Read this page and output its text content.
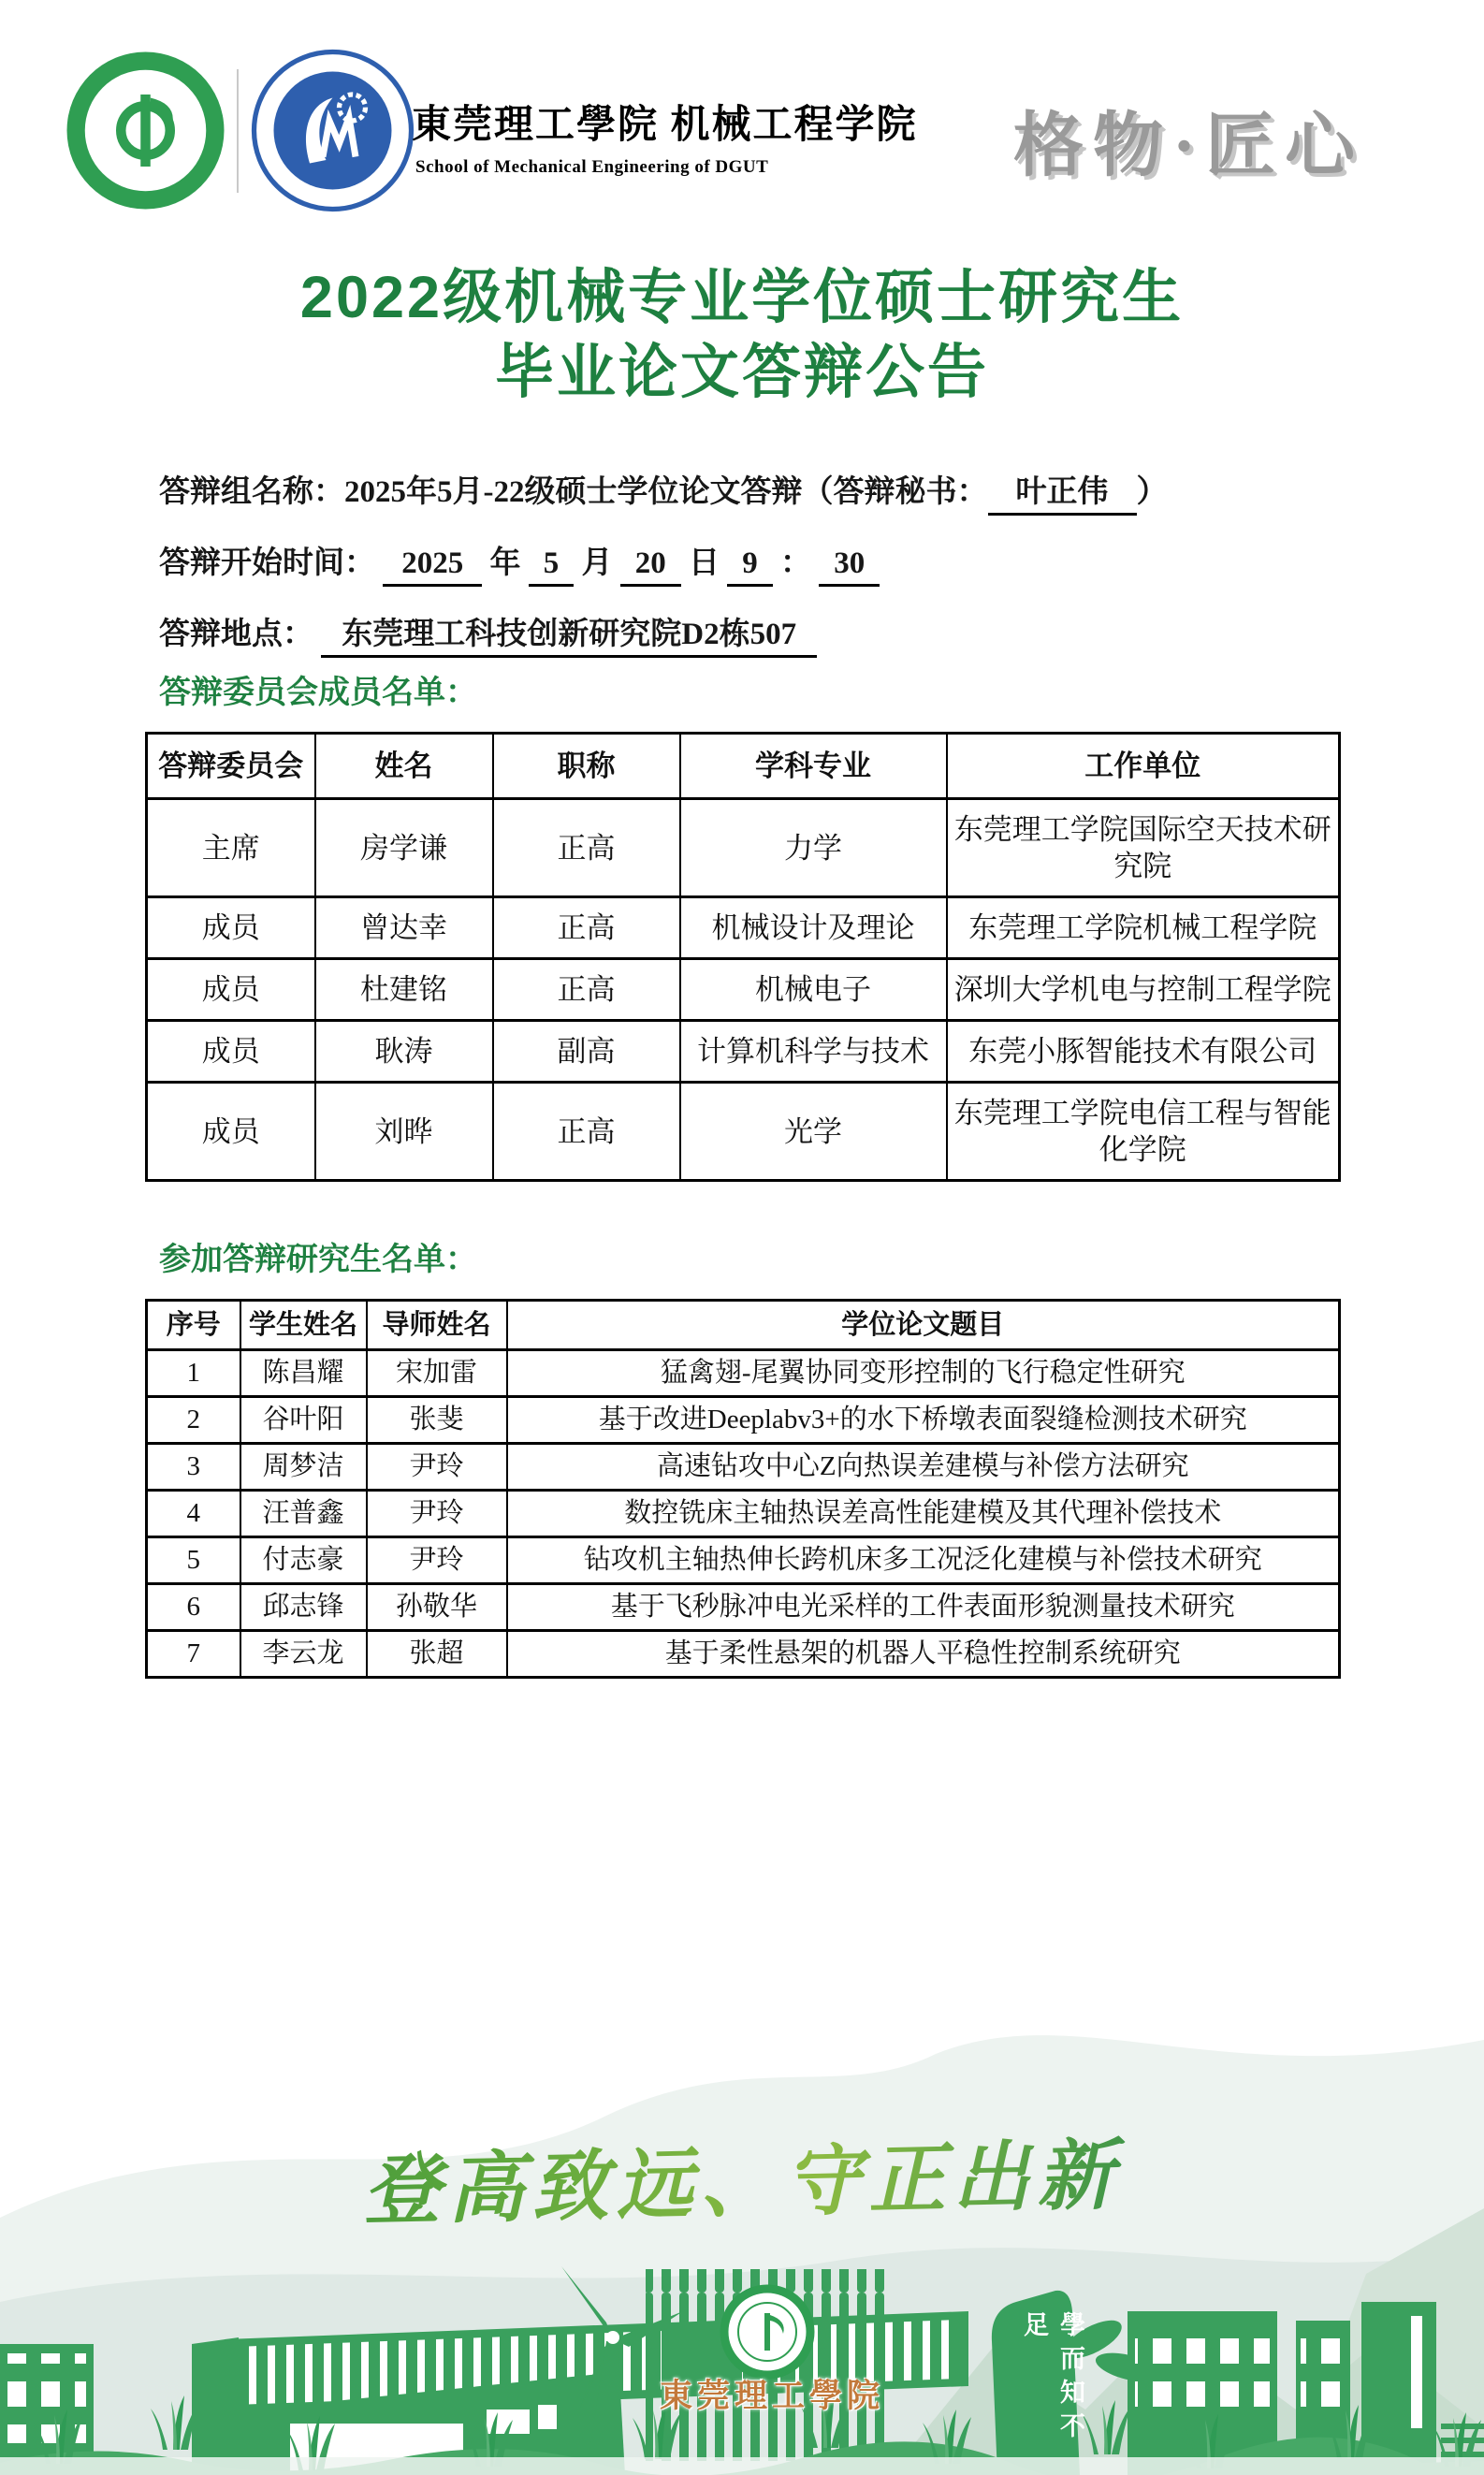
東莞理工學院 机械工程学院
School of Mechanical Engineering of DGUT	格物·匠心
2022级机械专业学位硕士研究生
毕业论文答辩公告
答辩组名称：2025年5月-22级硕士学位论文答辩（答辩秘书： 叶正伟 ）
答辩开始时间： 2025 年 5 月 20 日 9 ： 30
答辩地点： 东莞理工科技创新研究院D2栋507
答辩委员会成员名单：
答辩委员会	姓名	职称	学科专业	工作单位
主席	房学谦	正高	力学	东莞理工学院国际空天技术研究院
成员	曾达幸	正高	机械设计及理论	东莞理工学院机械工程学院
成员	杜建铭	正高	机械电子	深圳大学机电与控制工程学院
成员	耿涛	副高	计算机科学与技术	东莞小豚智能技术有限公司
成员	刘晔	正高	光学	东莞理工学院电信工程与智能化学院
参加答辩研究生名单：
序号	学生姓名	导师姓名	学位论文题目
1	陈昌耀	宋加雷	猛禽翅-尾翼协同变形控制的飞行稳定性研究
2	谷叶阳	张斐	基于改进Deeplabv3+的水下桥墩表面裂缝检测技术研究
3	周梦洁	尹玲	高速钻攻中心Z向热误差建模与补偿方法研究
4	汪普鑫	尹玲	数控铣床主轴热误差高性能建模及其代理补偿技术
5	付志豪	尹玲	钻攻机主轴热伸长跨机床多工况泛化建模与补偿技术研究
6	邱志锋	孙敬华	基于飞秒脉冲电光采样的工件表面形貌测量技术研究
7	李云龙	张超	基于柔性悬架的机器人平稳性控制系统研究
登高致远、守正出新
東莞理工學院	學而知不足
